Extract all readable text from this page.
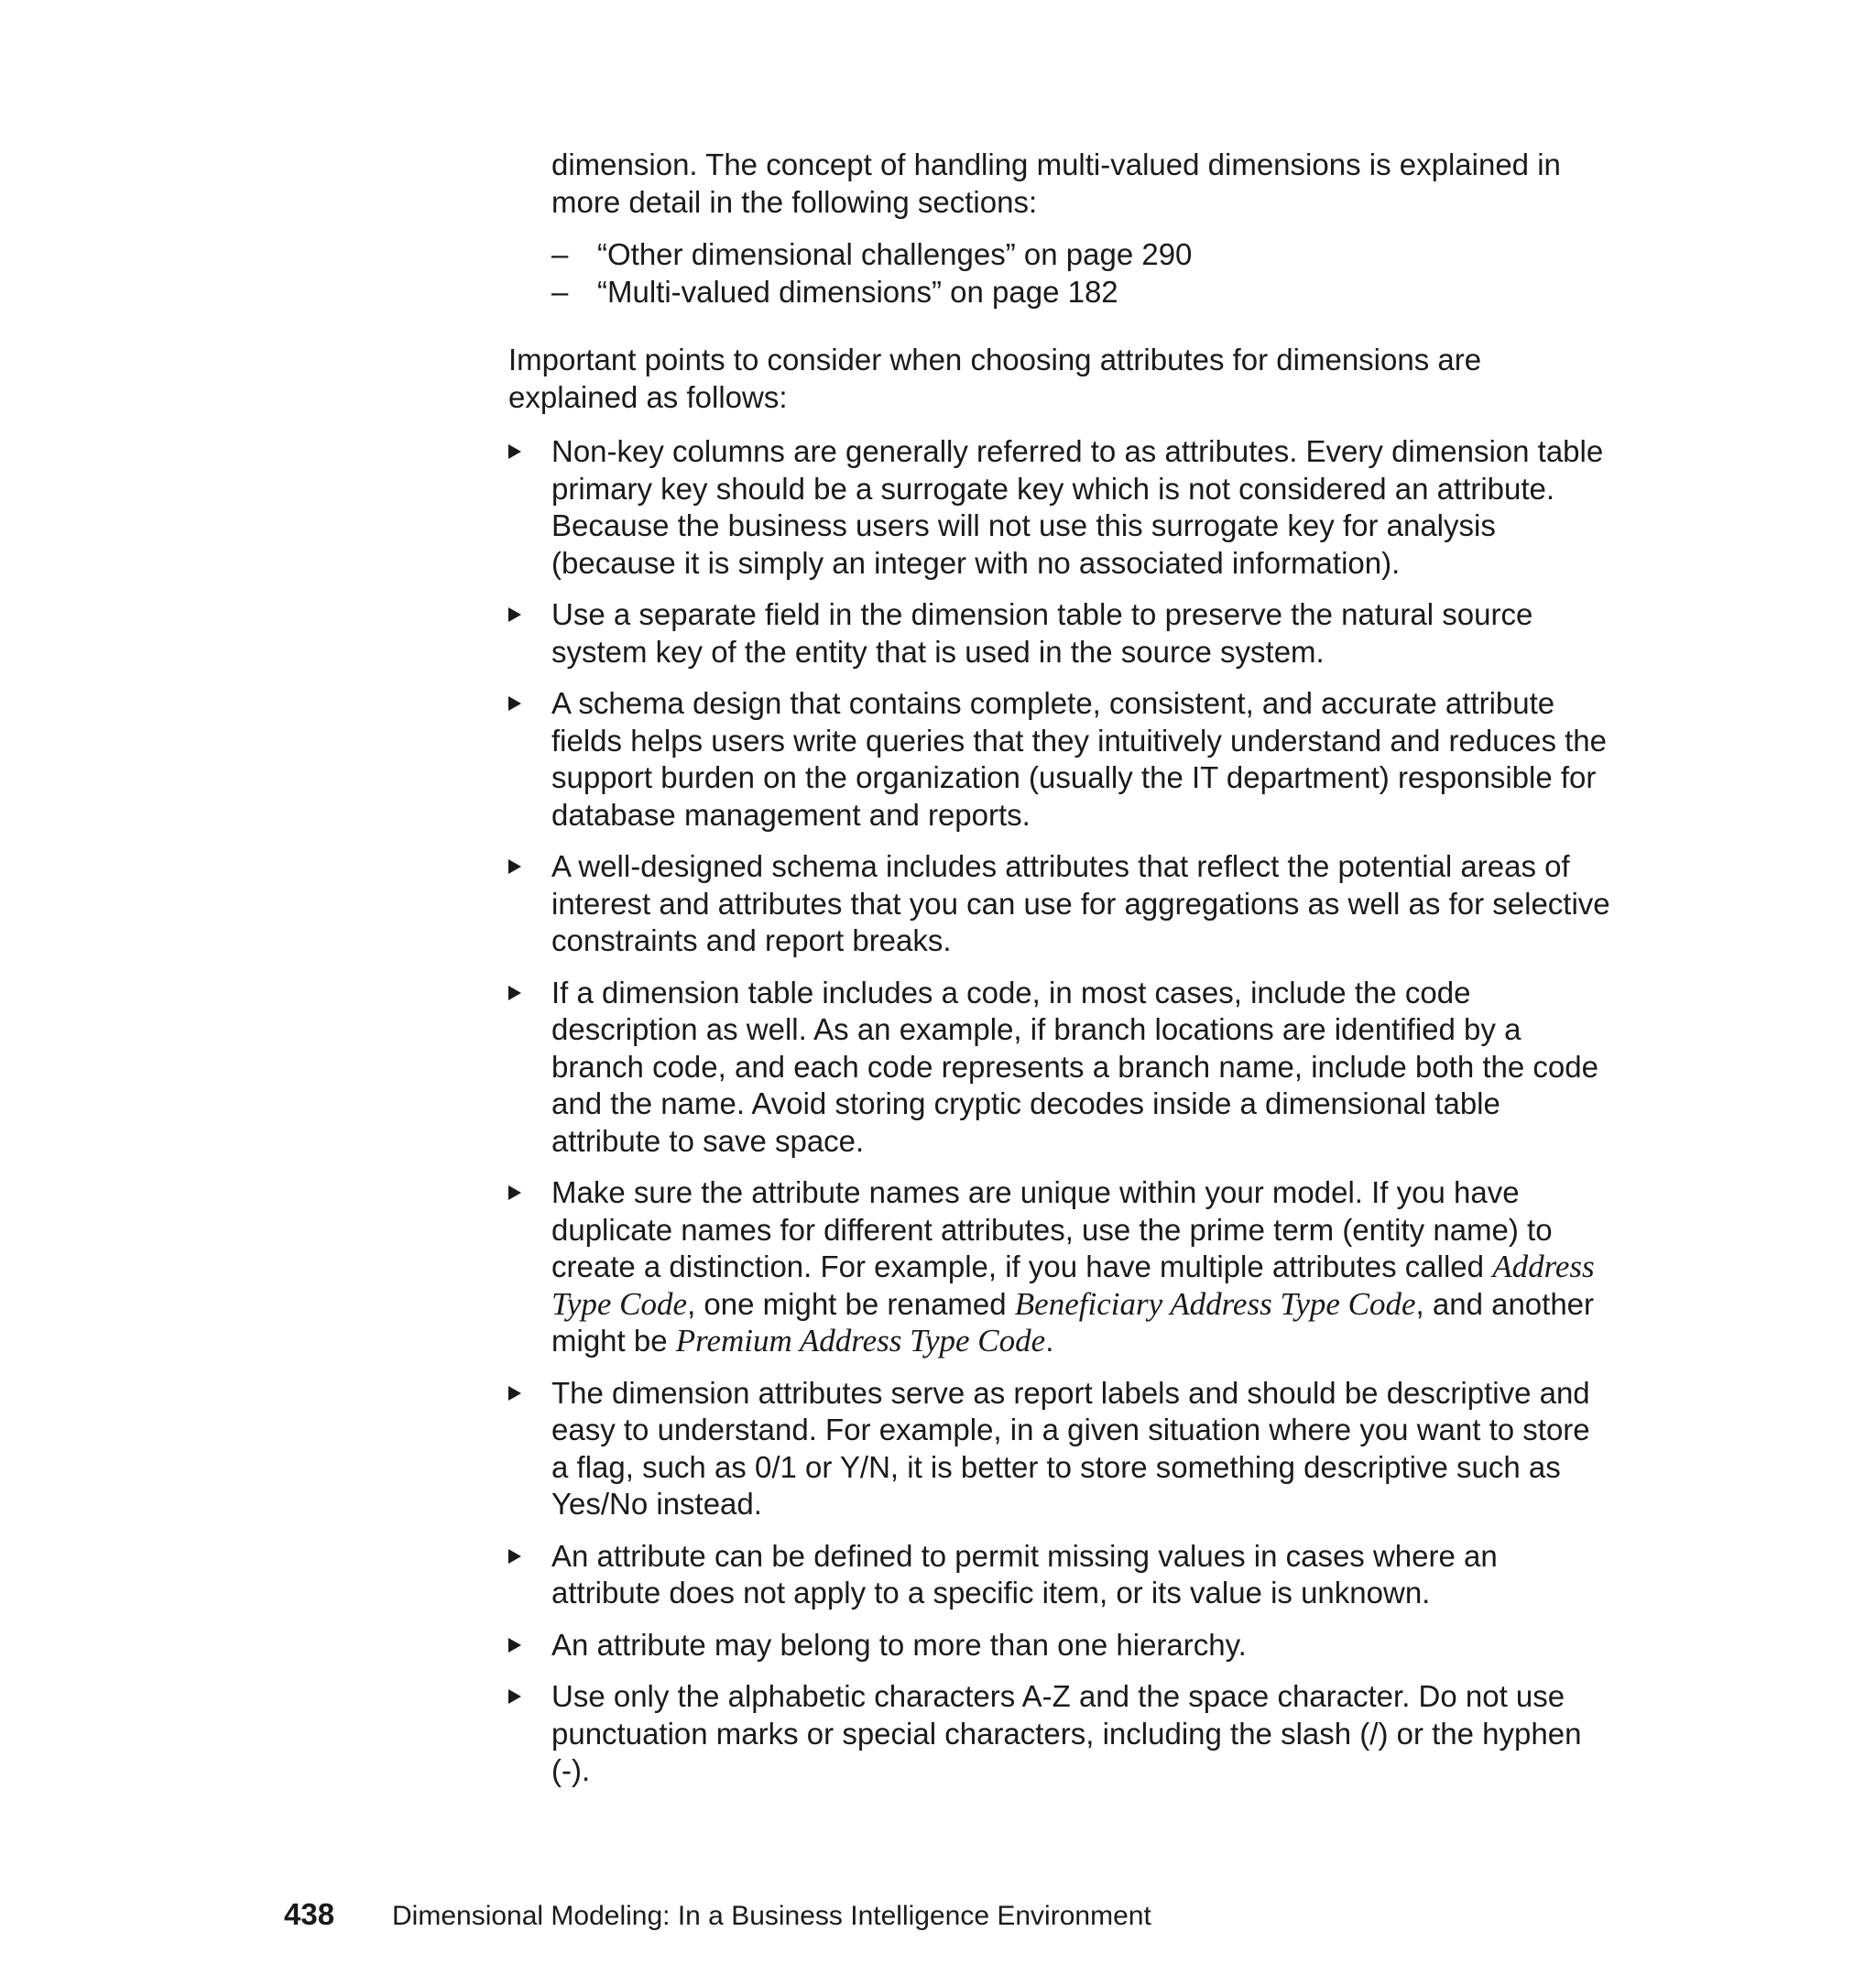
dimension. The concept of handling multi-valued dimensions is explained in more detail in the following sections:

– “Other dimensional challenges” on page 290
– “Multi-valued dimensions” on page 182

Important points to consider when choosing attributes for dimensions are explained as follows:

Non-key columns are generally referred to as attributes. Every dimension table primary key should be a surrogate key which is not considered an attribute. Because the business users will not use this surrogate key for analysis (because it is simply an integer with no associated information).

Use a separate field in the dimension table to preserve the natural source system key of the entity that is used in the source system.

A schema design that contains complete, consistent, and accurate attribute fields helps users write queries that they intuitively understand and reduces the support burden on the organization (usually the IT department) responsible for database management and reports.

A well-designed schema includes attributes that reflect the potential areas of interest and attributes that you can use for aggregations as well as for selective constraints and report breaks.

If a dimension table includes a code, in most cases, include the code description as well. As an example, if branch locations are identified by a branch code, and each code represents a branch name, include both the code and the name. Avoid storing cryptic decodes inside a dimensional table attribute to save space.

Make sure the attribute names are unique within your model. If you have duplicate names for different attributes, use the prime term (entity name) to create a distinction. For example, if you have multiple attributes called Address Type Code, one might be renamed Beneficiary Address Type Code, and another might be Premium Address Type Code.

The dimension attributes serve as report labels and should be descriptive and easy to understand. For example, in a given situation where you want to store a flag, such as 0/1 or Y/N, it is better to store something descriptive such as Yes/No instead.

An attribute can be defined to permit missing values in cases where an attribute does not apply to a specific item, or its value is unknown.

An attribute may belong to more than one hierarchy.

Use only the alphabetic characters A-Z and the space character. Do not use punctuation marks or special characters, including the slash (/) or the hyphen (-).

438 Dimensional Modeling: In a Business Intelligence Environment
